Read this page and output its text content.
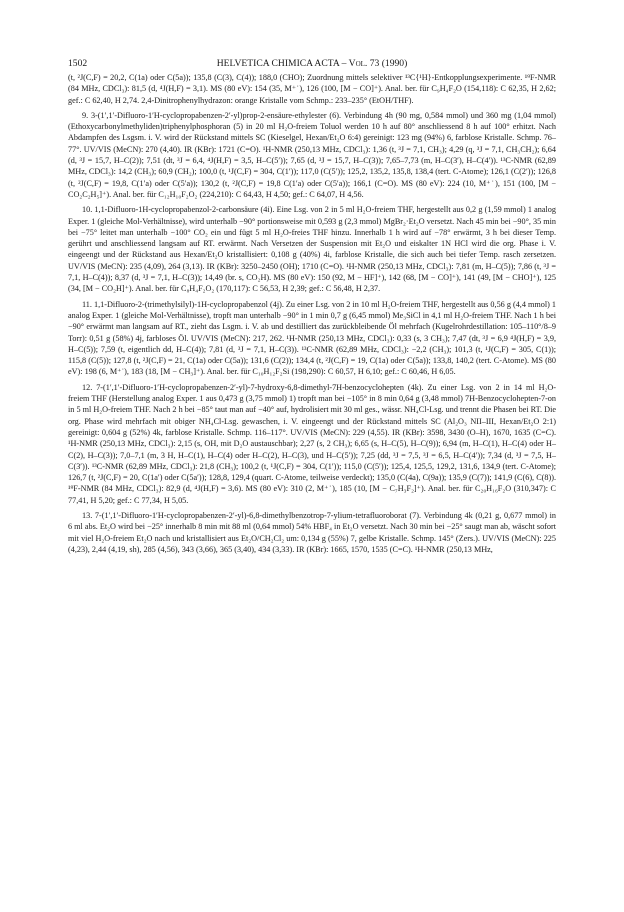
1502	HELVETICA CHIMICA ACTA – Vol. 73 (1990)

(t, ²J(C,F) = 20,2, C(1a) oder C(5a)); 135,8 (C(3), C(4)); 188,0 (CHO); Zuordnung mittels selektiver ¹³C{¹H}-Entkopplungsexperimente. ¹⁹F-NMR (84 MHz, CDCl₃): 81,5 (d, ⁴J(H,F) = 3,1). MS (80 eV): 154 (35, M⁺˙), 126 (100, [M − CO]⁺). Anal. ber. für C₉H₄F₂O (154,118): C 62,35, H 2,62; gef.: C 62,40, H 2,74. 2,4-Dinitrophenylhydrazon: orange Kristalle vom Schmp.: 233–235° (EtOH/THF).

9. 3-(1′,1′-Difluoro-1′H-cyclopropabenzen-2′-yl)prop-2-ensäure-ethylester (6). Verbindung 4h (90 mg, 0,584 mmol) und 360 mg (1,04 mmol) (Ethoxycarbonylmethyliden)triphenylphosphoran (5) in 20 ml H₂O-freiem Toluol werden 10 h auf 80° anschliessend 8 h auf 100° erhitzt. Nach Abdampfen des Lsgsm. i. V. wird der Rückstand mittels SC (Kieselgel, Hexan/Et₂O 6:4) gereinigt: 123 mg (94%) 6, farblose Kristalle. Schmp. 76–77°. UV/VIS (MeCN): 270 (4,40). IR (KBr): 1721 (C=O). ¹H-NMR (250,13 MHz, CDCl₃): 1,36 (t, ³J = 7,1, CH₃); 4,29 (q, ³J = 7,1, CH₃CH₂); 6,64 (d, ³J = 15,7, H–C(2)); 7,51 (dt, ³J = 6,4, ⁴J(H,F) = 3,5, H–C(5′)); 7,65 (d, ³J = 15,7, H–C(3)); 7,65–7,73 (m, H–C(3′), H–C(4′)). ¹³C-NMR (62,89 MHz, CDCl₃): 14,2 (CH₃); 60,9 (CH₂); 100,0 (t, ¹J(C,F) = 304, C(1′)); 117,0 (C(5′)); 125,2, 135,2, 135,8, 138,4 (tert. C-Atome); 126,1 (C(2′)); 126,8 (t, ²J(C,F) = 19,8, C(1′a) oder C(5′a)); 130,2 (t, ²J(C,F) = 19,8 C(1′a) oder C(5′a)); 166,1 (C=O). MS (80 eV): 224 (10, M⁺˙), 151 (100, [M − CO₂C₂H₅]⁺). Anal. ber. für C₁₂H₁₀F₂O₂ (224,210): C 64,43, H 4,50; gef.: C 64,07, H 4,56.

10. 1,1-Difluoro-1H-cyclopropabenzol-2-carbonsäure (4i). Eine Lsg. von 2 in 5 ml H₂O-freiem THF, hergestellt aus 0,2 g (1,59 mmol) 1 analog Exper. 1 (gleiche Mol-Verhältnisse), wird unterhalb −90° portionsweise mit 0,593 g (2,3 mmol) MgBr₂·Et₂O versetzt. Nach 45 min bei −90°, 35 min bei −75° leitet man unterhalb −100° CO₂ ein und fügt 5 ml H₂O-freies THF hinzu. Innerhalb 1 h wird auf −78° erwärmt, 3 h bei dieser Temp. gerührt und anschliessend langsam auf RT. erwärmt. Nach Versetzen der Suspension mit Et₂O und eiskalter 1N HCl wird die org. Phase i. V. eingeengt und der Rückstand aus Hexan/Et₂O kristallisiert: 0,108 g (40%) 4i, farblose Kristalle, die sich auch bei tiefer Temp. rasch zersetzen. UV/VIS (MeCN): 235 (4,09), 264 (3,13). IR (KBr): 3250–2450 (OH); 1710 (C=O). ¹H-NMR (250,13 MHz, CDCl₃): 7,81 (m, H–C(5)); 7,86 (t, ³J = 7,1, H–C(4)); 8,37 (d, ³J = 7,1, H–C(3)); 14,49 (br. s, CO₂H). MS (80 eV): 150 (92, M − HF]⁺), 142 (68, [M − CO]⁺), 141 (49, [M − CHO]⁺), 125 (34, [M − CO₂H]⁺). Anal. ber. für C₈H₄F₂O₂ (170,117): C 56,53, H 2,39; gef.: C 56,48, H 2,37.

11. 1,1-Difluoro-2-(trimethylsilyl)-1H-cyclopropabenzol (4j). Zu einer Lsg. von 2 in 10 ml H₂O-freiem THF, hergestellt aus 0,56 g (4,4 mmol) 1 analog Exper. 1 (gleiche Mol-Verhältnisse), tropft man unterhalb −90° in 1 min 0,7 g (6,45 mmol) Me₃SiCl in 4,1 ml H₂O-freiem THF. Nach 1 h bei −90° erwärmt man langsam auf RT., zieht das Lsgm. i. V. ab und destilliert das zurückbleibende Öl mehrfach (Kugelrohrdestillation: 105–110°/8–9 Torr): 0,51 g (58%) 4j, farbloses Öl. UV/VIS (MeCN): 217, 262. ¹H-NMR (250,13 MHz, CDCl₃): 0,33 (s, 3 CH₃); 7,47 (dt, ³J = 6,9 ⁴J(H,F) = 3,9, H–C(5)); 7,59 (t, eigentlich dd, H–C(4)); 7,81 (d, ³J = 7,1, H–C(3)). ¹³C-NMR (62,89 MHz, CDCl₃): −2,2 (CH₃); 101,3 (t, ¹J(C,F) = 305, C(1)); 115,8 (C(5)); 127,8 (t, ²J(C,F) = 21, C(1a) oder C(5a)); 131,6 (C(2)); 134,4 (t, ²J(C,F) = 19, C(1a) oder C(5a)); 133,8, 140,2 (tert. C-Atome). MS (80 eV): 198 (6, M⁺˙), 183 (18, [M − CH₃]⁺). Anal. ber. für C₁₀H₁₂F₂Si (198,290): C 60,57, H 6,10; gef.: C 60,46, H 6,05.

12. 7-(1′,1′-Difluoro-1′H-cyclopropabenzen-2′-yl)-7-hydroxy-6,8-dimethyl-7H-benzocyclohepten (4k). Zu einer Lsg. von 2 in 14 ml H₂O-freiem THF (Herstellung analog Exper. 1 aus 0,473 g (3,75 mmol) 1) tropft man bei −105° in 8 min 0,64 g (3,48 mmol) 7H-Benzocyclohepten-7-on in 5 ml H₂O-freiem THF. Nach 2 h bei −85° taut man auf −40° auf, hydrolisiert mit 30 ml ges., wässr. NH₄Cl-Lsg. und trennt die Phasen bei RT. Die org. Phase wird mehrfach mit obiger NH₄Cl-Lsg. gewaschen, i. V. eingeengt und der Rückstand mittels SC (Al₂O₃ NII–III, Hexan/Et₂O 2:1) gereinigt: 0,604 g (52%) 4k, farblose Kristalle. Schmp. 116–117°. UV/VIS (MeCN): 229 (4,55). IR (KBr): 3598, 3430 (O–H), 1670, 1635 (C=C). ¹H-NMR (250,13 MHz, CDCl₃): 2,15 (s, OH, mit D₂O austauschbar); 2,27 (s, 2 CH₃); 6,65 (s, H–C(5), H–C(9)); 6,94 (m, H–C(1), H–C(4) oder H–C(2), H–C(3)); 7,0–7,1 (m, 3 H, H–C(1), H–C(4) oder H–C(2), H–C(3), und H–C(5′)); 7,25 (dd, ³J = 7,5, ³J = 6,5, H–C(4′)); 7,34 (d, ³J = 7,5, H–C(3′)). ¹³C-NMR (62,89 MHz, CDCl₃): 21,8 (CH₃); 100,2 (t, ¹J(C,F) = 304, C(1′)); 115,0 (C(5′)); 125,4, 125,5, 129,2, 131,6, 134,9 (tert. C-Atome); 126,7 (t, ²J(C,F) = 20, C(1a′) oder C(5a′)); 128,8, 129,4 (quart. C-Atome, teilweise verdeckt); 135,0 (C(4a), C(9a)); 135,9 (C(7)); 141,9 (C(6), C(8)). ¹⁹F-NMR (84 MHz, CDCl₃): 82,9 (d, ⁴J(H,F) = 3,6). MS (80 eV): 310 (2, M⁺˙), 185 (10, [M − C₇H₃F₂]⁺). Anal. ber. für C₂₀H₁₆F₂O (310,347): C 77,41, H 5,20; gef.: C 77,34, H 5,05.

13. 7-(1′,1′-Difluoro-1′H-cyclopropabenzen-2′-yl)-6,8-dimethylbenzotrop-7-ylium-tetrafluoroborat (7). Verbindung 4k (0,21 g, 0,677 mmol) in 6 ml abs. Et₂O wird bei −25° innerhalb 8 min mit 88 ml (0,64 mmol) 54% HBF₄ in Et₂O versetzt. Nach 30 min bei −25° saugt man ab, wäscht sofort mit viel H₂O-freiem Et₂O nach und kristallisiert aus Et₂O/CH₂Cl₂ um: 0,134 g (55%) 7, gelbe Kristalle. Schmp. 145° (Zers.). UV/VIS (MeCN): 225 (4,23), 2,44 (4,19, sh), 285 (4,56), 343 (3,66), 365 (3,40), 434 (3,33). IR (KBr): 1665, 1570, 1535 (C=C). ¹H-NMR (250,13 MHz,
